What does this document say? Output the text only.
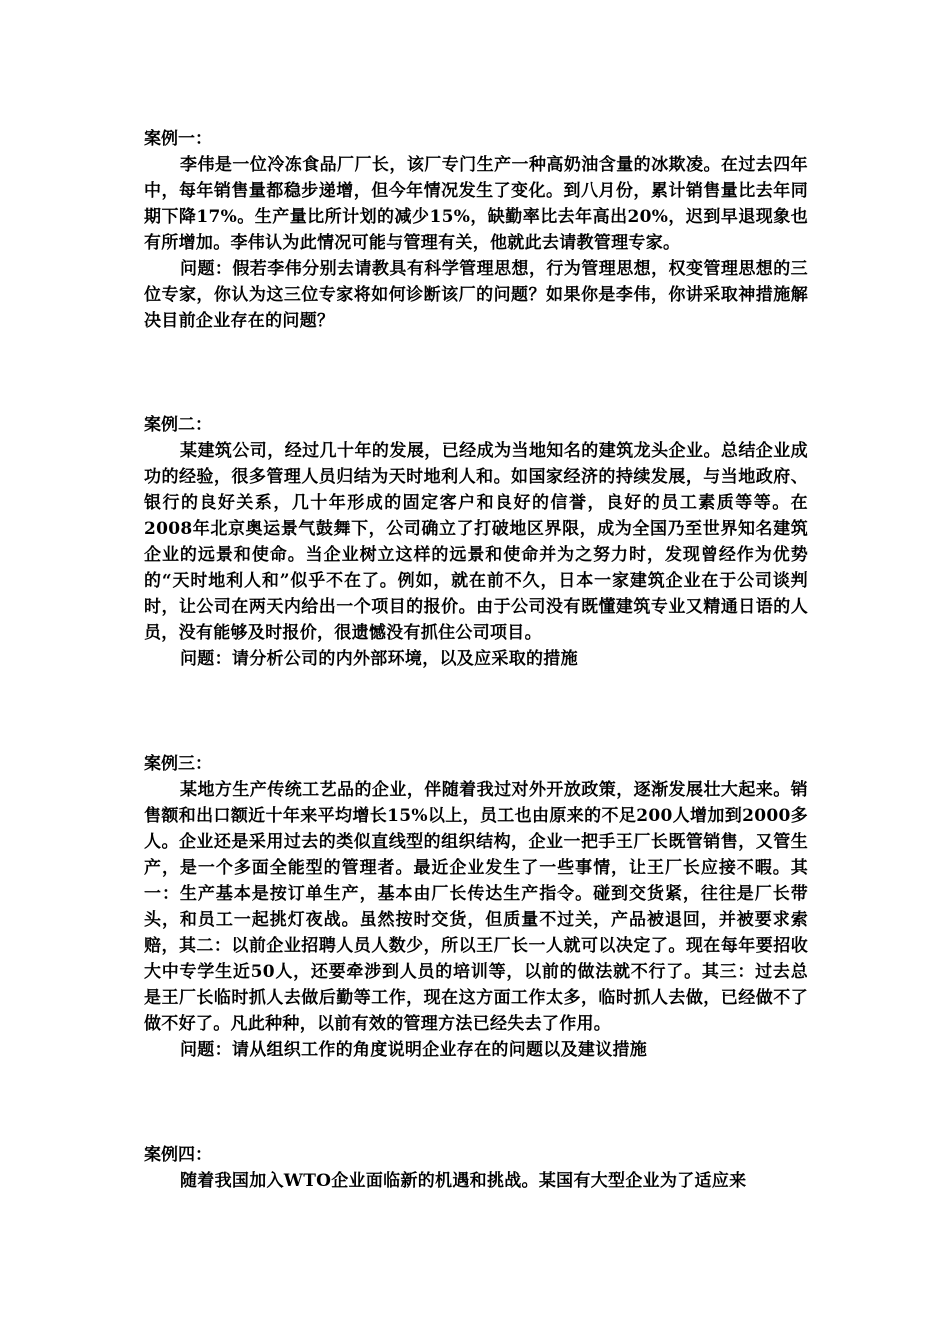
案例一：

李伟是一位冷冻食品厂厂长，该厂专门生产一种高奶油含量的冰欺凌。在过去四年中，每年销售量都稳步递增，但今年情况发生了变化。到八月份，累计销售量比去年同期下降17%。生产量比所计划的减少15%，缺勤率比去年高出20%，迟到早退现象也有所增加。李伟认为此情况可能与管理有关，他就此去请教管理专家。

问题：假若李伟分别去请教具有科学管理思想，行为管理思想，权变管理思想的三位专家，你认为这三位专家将如何诊断该厂的问题？如果你是李伟，你讲采取神措施解决目前企业存在的问题？

案例二：

某建筑公司，经过几十年的发展，已经成为当地知名的建筑龙头企业。总结企业成功的经验，很多管理人员归结为天时地利人和。如国家经济的持续发展，与当地政府、银行的良好关系，几十年形成的固定客户和良好的信誉，良好的员工素质等等。在2008年北京奥运景气鼓舞下，公司确立了打破地区界限，成为全国乃至世界知名建筑企业的远景和使命。当企业树立这样的远景和使命并为之努力时，发现曾经作为优势的“天时地利人和”似乎不在了。例如，就在前不久，日本一家建筑企业在于公司谈判时，让公司在两天内给出一个项目的报价。由于公司没有既懂建筑专业又精通日语的人员，没有能够及时报价，很遗憾没有抓住公司项目。

问题：请分析公司的内外部环境，以及应采取的措施

案例三：

某地方生产传统工艺品的企业，伴随着我过对外开放政策，逐渐发展壮大起来。销售额和出口额近十年来平均增长15%以上，员工也由原来的不足200人增加到2000多人。企业还是采用过去的类似直线型的组织结构，企业一把手王厂长既管销售，又管生产，是一个多面全能型的管理者。最近企业发生了一些事情，让王厂长应接不暇。其一：生产基本是按订单生产，基本由厂长传达生产指令。碰到交货紧，往往是厂长带头，和员工一起挑灯夜战。虽然按时交货，但质量不过关，产品被退回，并被要求索赔，其二：以前企业招聘人员人数少，所以王厂长一人就可以决定了。现在每年要招收大中专学生近50人，还要牵涉到人员的培训等，以前的做法就不行了。其三：过去总是王厂长临时抓人去做后勤等工作，现在这方面工作太多，临时抓人去做，已经做不了做不好了。凡此种种，以前有效的管理方法已经失去了作用。

问题：请从组织工作的角度说明企业存在的问题以及建议措施

案例四：

随着我国加入WTO企业面临新的机遇和挑战。某国有大型企业为了适应来
